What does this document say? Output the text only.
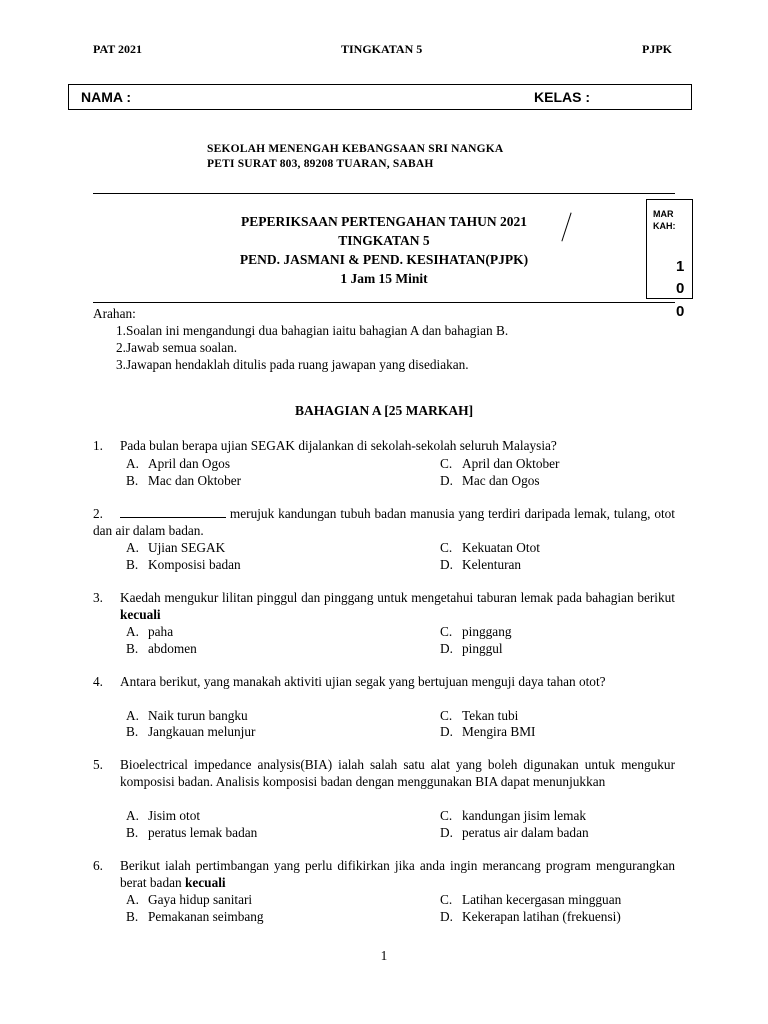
PAT 2021	TINGKATAN 5	PJPK
NAMA :	KELAS :
SEKOLAH MENENGAH KEBANGSAAN SRI NANGKA
PETI SURAT 803, 89208 TUARAN, SABAH
PEPERIKSAAN PERTENGAHAN TAHUN 2021
TINGKATAN 5
PEND. JASMANI & PEND. KESIHATAN(PJPK)
1 Jam 15 Minit
MAR
KAH:
1
0
0
Arahan:
1.Soalan ini mengandungi dua bahagian iaitu bahagian A dan bahagian B.
2.Jawab semua soalan.
3.Jawapan hendaklah ditulis pada ruang jawapan yang disediakan.
BAHAGIAN A [25 MARKAH]
1. Pada bulan berapa ujian SEGAK dijalankan di sekolah-sekolah seluruh Malaysia?
A. April dan Ogos	C. April dan Oktober
B. Mac dan Oktober	D. Mac dan Ogos
2.	merujuk kandungan tubuh badan manusia yang terdiri daripada lemak, tulang, otot dan air dalam badan.
A. Ujian SEGAK	C. Kekuatan Otot
B. Komposisi badan	D. Kelenturan
3. Kaedah mengukur lilitan pinggul dan pinggang untuk mengetahui taburan lemak pada bahagian berikut kecuali
A. paha	C. pinggang
B. abdomen	D. pinggul
4. Antara berikut, yang manakah aktiviti ujian segak yang bertujuan menguji daya tahan otot?
A. Naik turun bangku	C. Tekan tubi
B. Jangkauan melunjur	D. Mengira BMI
5. Bioelectrical impedance analysis(BIA) ialah salah satu alat yang boleh digunakan untuk mengukur komposisi badan. Analisis komposisi badan dengan menggunakan BIA dapat menunjukkan
A. Jisim otot	C. kandungan jisim lemak
B. peratus lemak badan	D. peratus air dalam badan
6. Berikut ialah pertimbangan yang perlu difikirkan jika anda ingin merancang program mengurangkan berat badan kecuali
A. Gaya hidup sanitari	C. Latihan kecergasan mingguan
B. Pemakanan seimbang	D. Kekerapan latihan (frekuensi)
1
